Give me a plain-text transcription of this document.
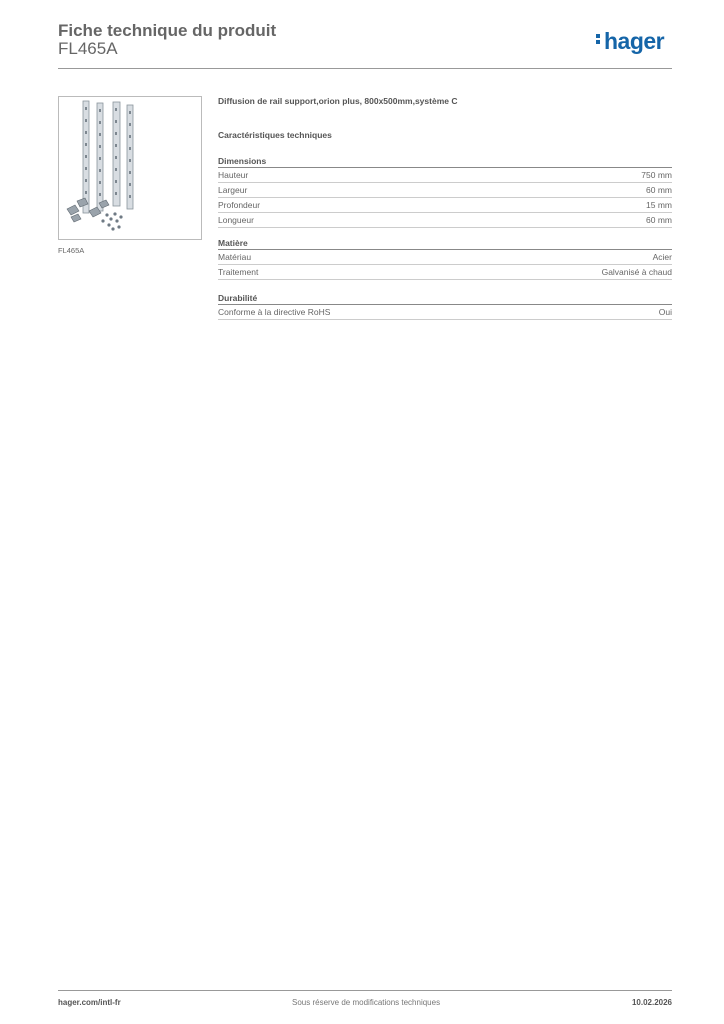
Fiche technique du produit
FL465A	hager
FL465A
Diffusion de rail support,orion plus, 800x500mm,système C
Caractéristiques techniques
Dimensions
Hauteur	750 mm
Largeur	60 mm
Profondeur	15 mm
Longueur	60 mm
Matière
Matériau	Acier
Traitement	Galvanisé à chaud
Durabilité
Conforme à la directive RoHS	Oui
hager.com/intl-fr	Sous réserve de modifications techniques	10.02.2026
